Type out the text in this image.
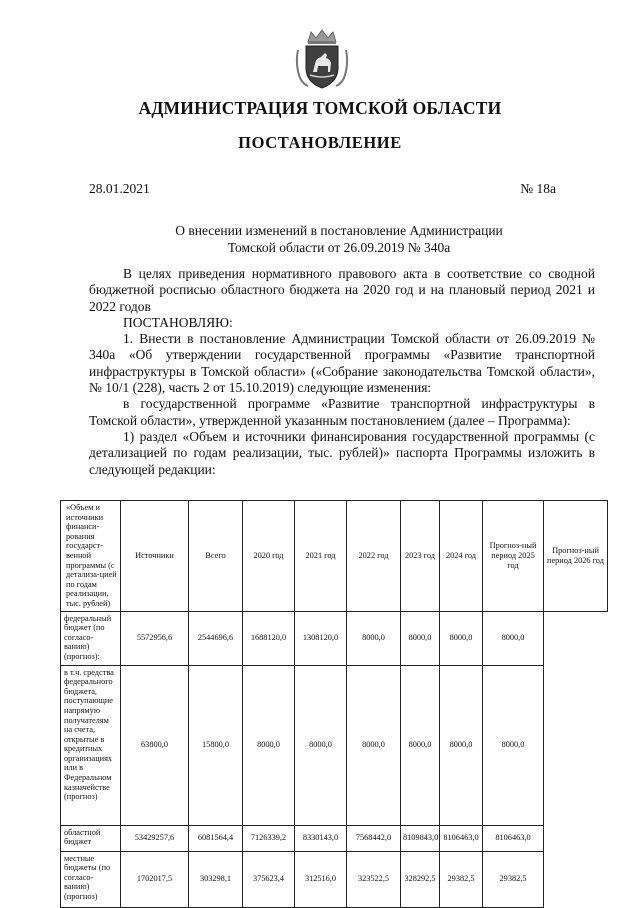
АДМИНИСТРАЦИЯ ТОМСКОЙ ОБЛАСТИ
ПОСТАНОВЛЕНИЕ
28.01.2021	№ 18а
О внесении изменений в постановление Администрации
Томской области от 26.09.2019 № 340а

В целях приведения нормативного правового акта в соответствие со сводной бюджетной росписью областного бюджета на 2020 год и на плановый период 2021 и 2022 годов

ПОСТАНОВЛЯЮ:

1. Внести в постановление Администрации Томской области от 26.09.2019 № 340а «Об утверждении государственной программы «Развитие транспортной инфраструктуры в Томской области» («Собрание законодательства Томской области», № 10/1 (228), часть 2 от 15.10.2019) следующие изменения:

в государственной программе «Развитие транспортной инфраструктуры в Томской области», утвержденной указанным постановлением (далее – Программа):

1) раздел «Объем и источники финансирования государственной программы (с детализацией по годам реализации, тыс. рублей)» паспорта Программы изложить в следующей редакции:

«Объем и источники финанси-рования государст-венной программы (с детализа-цией по годам реализации, тыс. рублей)	Источники	Всего	2020 год	2021 год	2022 год	2023 год	2024 год	Прогноз-ный период 2025 год	Прогноз-ный период 2026 год
федеральный бюджет (по согласо-ванию) (прогноз):	5572956,6	2544696,6	1688120,0	1308120,0	8000,0	8000,0	8000,0	8000,0	
в т.ч. средства федерального бюджета, поступающие напрямую получателям на счета, открытые в кредитных организациях или в Федеральном казначействе (прогноз)	63800,0	15800,0	8000,0	8000,0	8000,0	8000,0	8000,0	8000,0	
областной бюджет	53429257,6	6081564,4	7126339,2	8330143,0	7568442,0	8109843,0	8106463,0	8106463,0	
местные бюджеты (по согласо-ванию) (прогноз)	1702017,5	303298,1	375623,4	312516,0	323522,5	328292,5	29382,5	29382,5	
